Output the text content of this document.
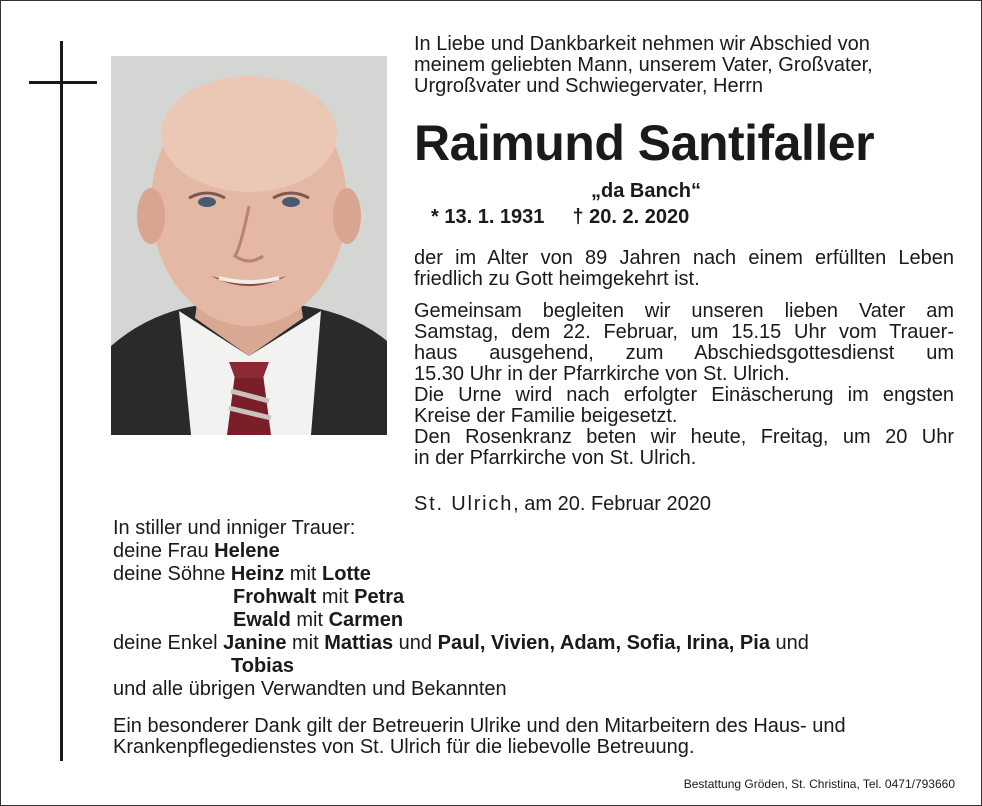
In Liebe und Dankbarkeit nehmen wir Abschied von
meinem geliebten Mann, unserem Vater, Großvater,
Urgroßvater und Schwiegervater, Herrn
Raimund Santifaller
„da Banch“
* 13. 1. 1931 † 20. 2. 2020
der im Alter von 89 Jahren nach einem erfüllten Leben
friedlich zu Gott heimgekehrt ist.
Gemeinsam begleiten wir unseren lieben Vater am
Samstag, dem 22. Februar, um 15.15 Uhr vom Trauer-
haus ausgehend, zum Abschiedsgottesdienst um
15.30 Uhr in der Pfarrkirche von St. Ulrich.
Die Urne wird nach erfolgter Einäscherung im engsten
Kreise der Familie beigesetzt.
Den Rosenkranz beten wir heute, Freitag, um 20 Uhr
in der Pfarrkirche von St. Ulrich.
St. Ulrich, am 20. Februar 2020
In stiller und inniger Trauer:
deine Frau Helene
deine Söhne Heinz mit Lotte
Frohwalt mit Petra
Ewald mit Carmen
deine Enkel Janine mit Mattias und Paul, Vivien, Adam, Sofia, Irina, Pia und
Tobias
und alle übrigen Verwandten und Bekannten
Ein besonderer Dank gilt der Betreuerin Ulrike und den Mitarbeitern des Haus- und
Krankenpflegedienstes von St. Ulrich für die liebevolle Betreuung.
Bestattung Gröden, St. Christina, Tel. 0471/793660
